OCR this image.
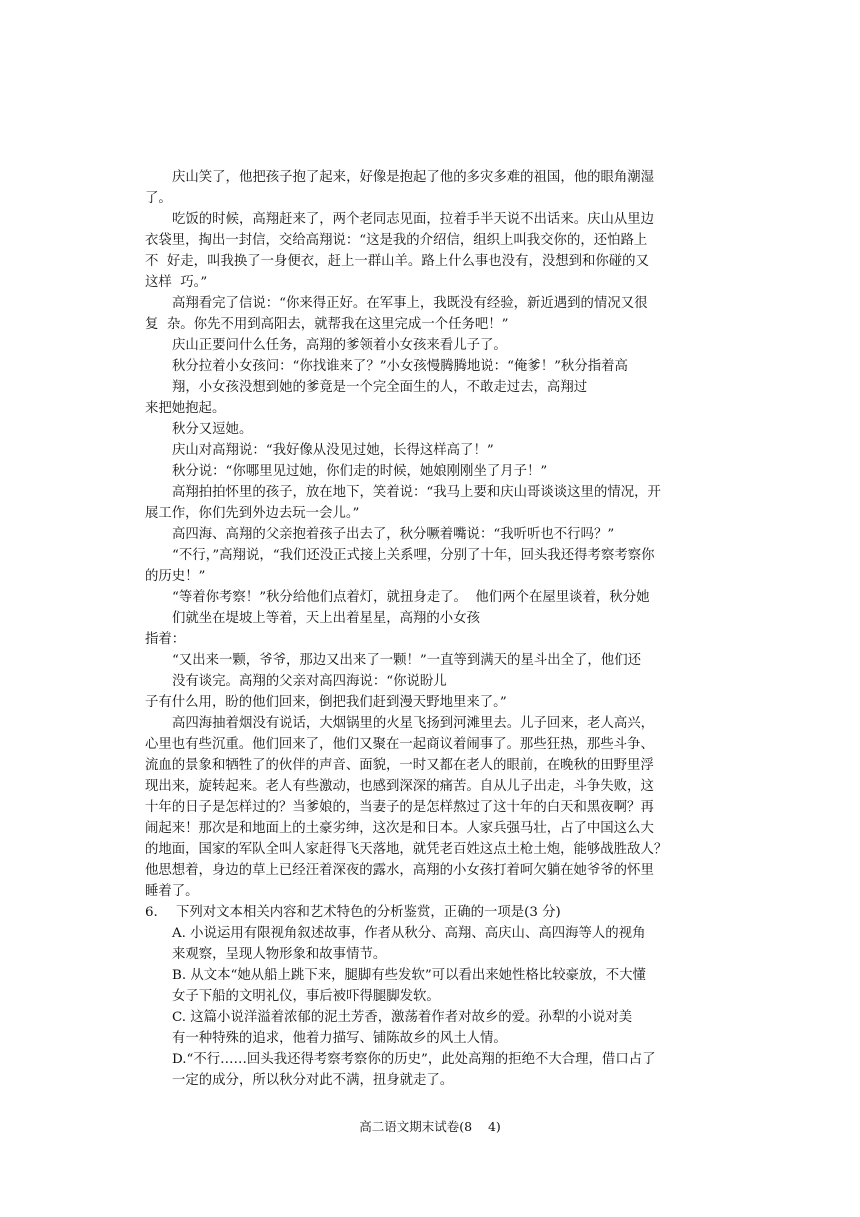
庆山笑了，他把孩子抱了起来，好像是抱起了他的多灾多难的祖国，他的眼角潮湿
了。
吃饭的时候，高翔赶来了，两个老同志见面，拉着手半天说不出话来。庆山从里边
衣袋里，掏出一封信，交给高翔说：“这是我的介绍信，组织上叫我交你的，还怕路上
不  好走，叫我换了一身便衣，赶上一群山羊。路上什么事也没有，没想到和你碰的又
这样  巧。”
高翔看完了信说：“你来得正好。在军事上，我既没有经验，新近遇到的情况又很
复  杂。你先不用到高阳去，就帮我在这里完成一个任务吧！”
庆山正要问什么任务，高翔的爹领着小女孩来看儿子了。
秋分拉着小女孩问：“你找谁来了？”小女孩慢腾腾地说：“俺爹！”秋分指着高
翔，小女孩没想到她的爹竟是一个完全面生的人，不敢走过去，高翔过
来把她抱起。
秋分又逗她。
庆山对高翔说：“我好像从没见过她，长得这样高了！”
秋分说：“你哪里见过她，你们走的时候，她娘刚刚坐了月子！”
高翔拍拍怀里的孩子，放在地下，笑着说：“我马上要和庆山哥谈谈这里的情况，开
展工作，你们先到外边去玩一会儿。”
高四海、高翔的父亲抱着孩子出去了，秋分噘着嘴说：“我听听也不行吗？”
“不行，”高翔说，“我们还没正式接上关系哩，分别了十年，回头我还得考察考察你
的历史！”
“等着你考察！”秋分给他们点着灯，就扭身走了。  他们两个在屋里谈着，秋分她
们就坐在堤坡上等着，天上出着星星，高翔的小女孩
指着：
“又出来一颗，爷爷，那边又出来了一颗！”一直等到满天的星斗出全了，他们还
没有谈完。高翔的父亲对高四海说：“你说盼儿
子有什么用，盼的他们回来，倒把我们赶到漫天野地里来了。”
高四海抽着烟没有说话，大烟锅里的火星飞扬到河滩里去。儿子回来，老人高兴，
心里也有些沉重。他们回来了，他们又聚在一起商议着闹事了。那些狂热，那些斗争、
流血的景象和牺牲了的伙伴的声音、面貌，一时又都在老人的眼前，在晚秋的田野里浮
现出来，旋转起来。老人有些激动，也感到深深的痛苦。自从儿子出走，斗争失败，这
十年的日子是怎样过的？当爹娘的，当妻子的是怎样熬过了这十年的白天和黑夜啊？再
闹起来！那次是和地面上的土豪劣绅，这次是和日本。人家兵强马壮，占了中国这么大
的地面，国家的军队全叫人家赶得飞天落地，就凭老百姓这点土枪土炮，能够战胜敌人？
他思想着，身边的草上已经汪着深夜的露水，高翔的小女孩打着呵欠躺在她爷爷的怀里
睡着了。
6. 下列对文本相关内容和艺术特色的分析鉴赏，正确的一项是(3 分)
A. 小说运用有限视角叙述故事，作者从秋分、高翔、高庆山、高四海等人的视角
来观察，呈现人物形象和故事情节。
B. 从文本“她从船上跳下来，腿脚有些发软”可以看出来她性格比较豪放，不大懂
女子下船的文明礼仪，事后被吓得腿脚发软。
C. 这篇小说洋溢着浓郁的泥土芳香，激荡着作者对故乡的爱。孙犁的小说对美
有一种特殊的追求，他着力描写、铺陈故乡的风土人情。
D.“不行……回头我还得考察考察你的历史”，此处高翔的拒绝不大合理，借口占了
一定的成分，所以秋分对此不满，扭身就走了。
高二语文期末试卷(8    4)
